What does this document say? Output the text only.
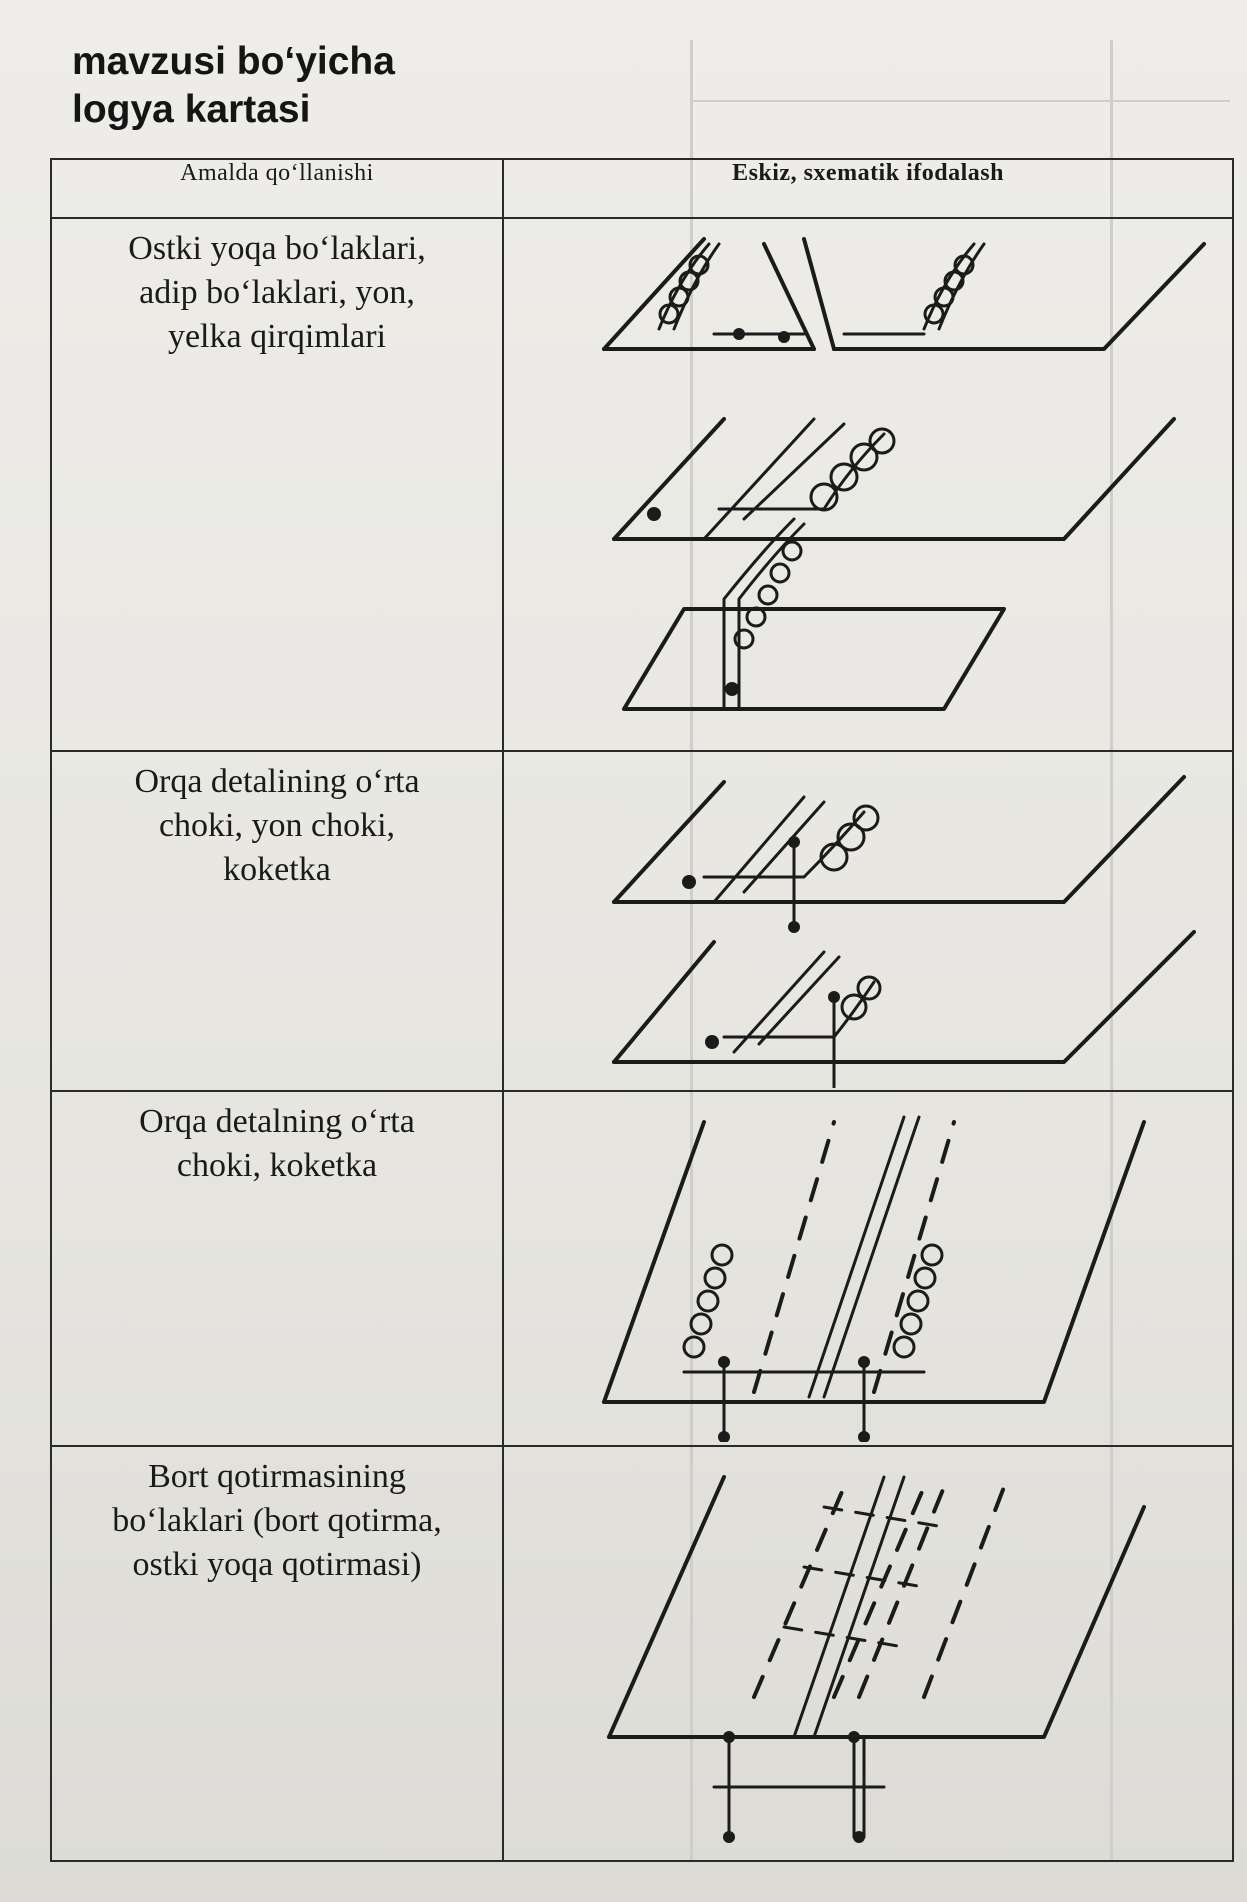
mavzusi bo‘yicha
logya kartasi
Amalda qo‘llanishi	Eskiz, sxematik ifodalash

Ostki yoqa bo‘laklari,
adip bo‘laklari, yon,
yelka qirqimlari

Orqa detalining o‘rta
choki, yon choki,
koketka

Orqa detalning o‘rta
choki, koketka

Bort qotirmasining
bo‘laklari (bort qotirma,
ostki yoqa qotirmasi)
